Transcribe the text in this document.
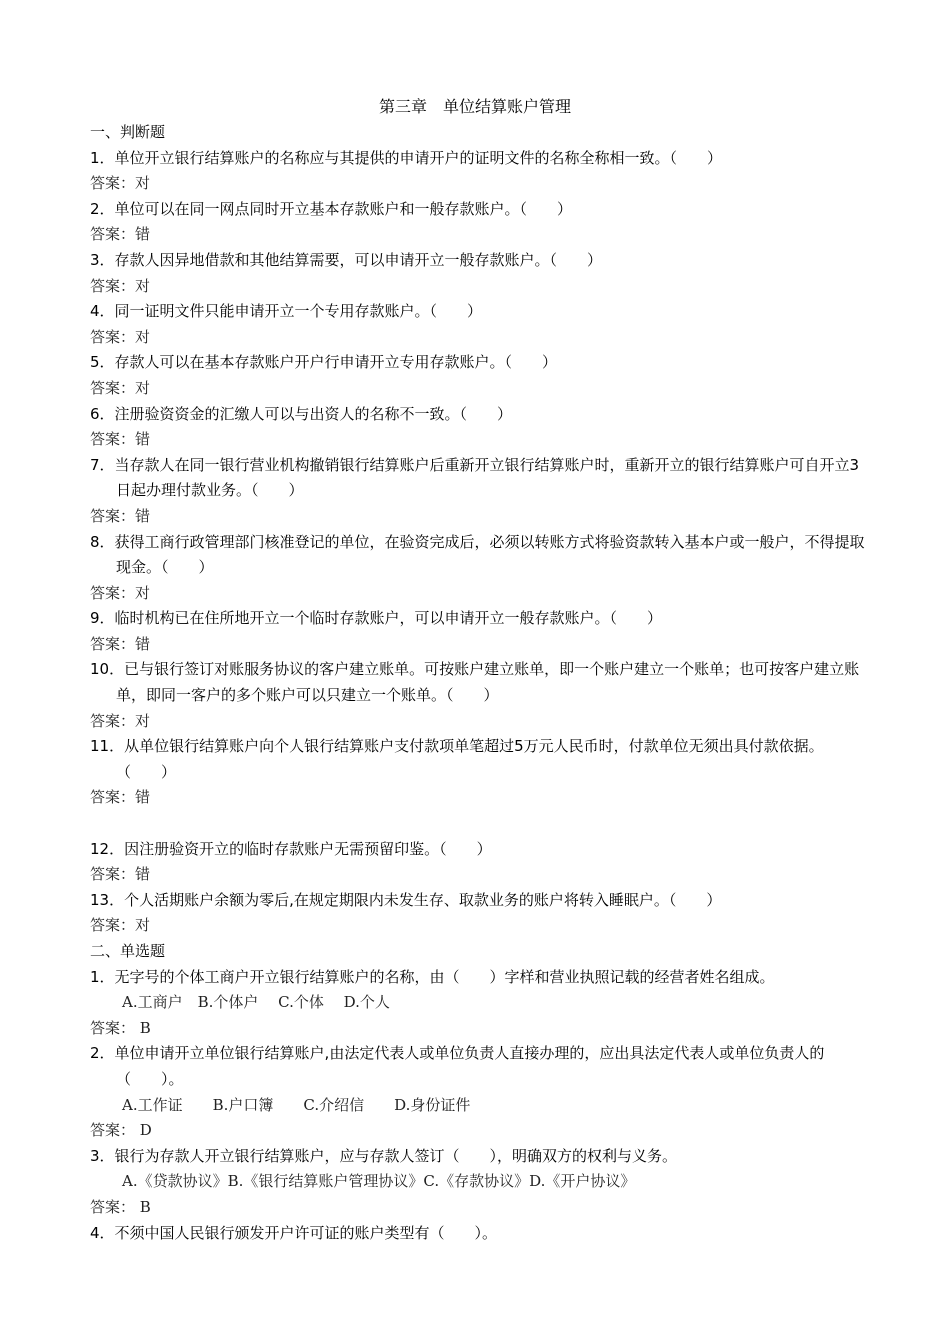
第三章　单位结算账户管理
一、判断题
1．单位开立银行结算账户的名称应与其提供的申请开户的证明文件的名称全称相一致。（　　）
答案：对
2．单位可以在同一网点同时开立基本存款账户和一般存款账户。（　　）
答案：错
3．存款人因异地借款和其他结算需要，可以申请开立一般存款账户。（　　）
答案：对
4．同一证明文件只能申请开立一个专用存款账户。（　　）
答案：对
5．存款人可以在基本存款账户开户行申请开立专用存款账户。（　　）
答案：对
6．注册验资资金的汇缴人可以与出资人的名称不一致。（　　）
答案：错
7．当存款人在同一银行营业机构撤销银行结算账户后重新开立银行结算账户时，重新开立的银行结算账户可自开立3日起办理付款业务。（　　）
答案：错
8．获得工商行政管理部门核准登记的单位，在验资完成后，必须以转账方式将验资款转入基本户或一般户，不得提取现金。（　　）
答案：对
9．临时机构已在住所地开立一个临时存款账户，可以申请开立一般存款账户。（　　）
答案：错
10．已与银行签订对账服务协议的客户建立账单。可按账户建立账单，即一个账户建立一个账单；也可按客户建立账单，即同一客户的多个账户可以只建立一个账单。（　　）
答案：对
11．从单位银行结算账户向个人银行结算账户支付款项单笔超过5万元人民币时，付款单位无须出具付款依据。（　　）
答案：错
12．因注册验资开立的临时存款账户无需预留印鉴。（　　）
答案：错
13．个人活期账户余额为零后,在规定期限内未发生存、取款业务的账户将转入睡眠户。（　　）
答案：对
二、单选题
1．无字号的个体工商户开立银行结算账户的名称，由（　　）字样和营业执照记载的经营者姓名组成。
A.工商户　B.个体户　 C.个体　 D.个人
答案： B
2．单位申请开立单位银行结算账户,由法定代表人或单位负责人直接办理的，应出具法定代表人或单位负责人的（　　）。
A.工作证　　B.户口簿　　C.介绍信　　D.身份证件
答案： D
3．银行为存款人开立银行结算账户，应与存款人签订（　　），明确双方的权利与义务。
A.《贷款协议》B.《银行结算账户管理协议》C.《存款协议》D.《开户协议》
答案： B
4．不须中国人民银行颁发开户许可证的账户类型有（　　）。
